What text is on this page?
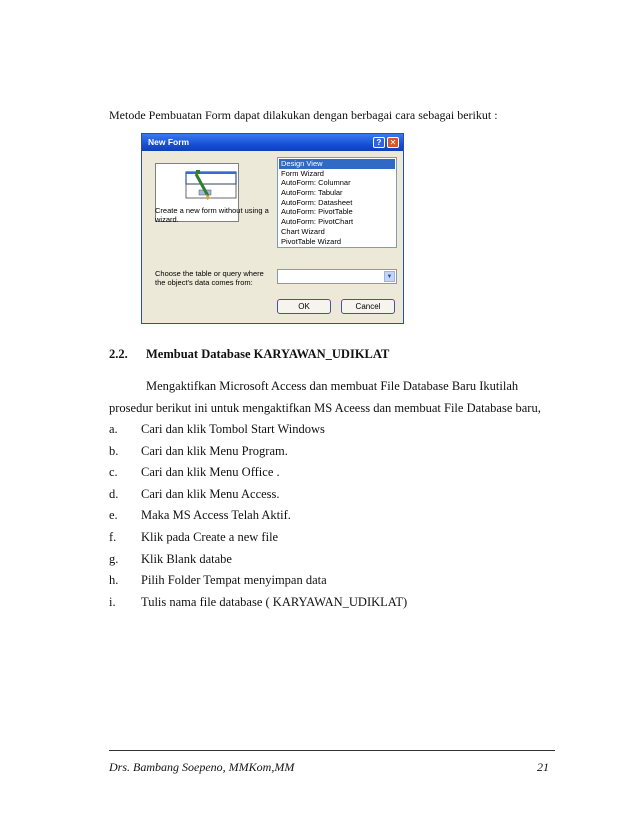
Metode Pembuatan Form dapat dilakukan dengan berbagai cara sebagai berikut :
New Form	?	✕
Create a new form without using a wizard.
Design View
Form Wizard
AutoForm: Columnar
AutoForm: Tabular
AutoForm: Datasheet
AutoForm: PivotTable
AutoForm: PivotChart
Chart Wizard
PivotTable Wizard
Choose the table or query where the object's data comes from:
▼
OK	Cancel
2.2. Membuat Database KARYAWAN_UDIKLAT
Mengaktifkan Microsoft Access dan membuat File Database Baru Ikutilah
prosedur berikut ini untuk mengaktifkan MS Aceess dan membuat File Database baru,
a. Cari dan klik Tombol Start Windows
b. Cari dan klik Menu Program.
c. Cari dan klik Menu Office .
d. Cari dan klik Menu Access.
e. Maka MS Access Telah Aktif.
f. Klik pada Create a new file
g. Klik Blank databe
h. Pilih Folder Tempat menyimpan data
i. Tulis nama file database ( KARYAWAN_UDIKLAT)
Drs. Bambang Soepeno, MMKom,MM	21
